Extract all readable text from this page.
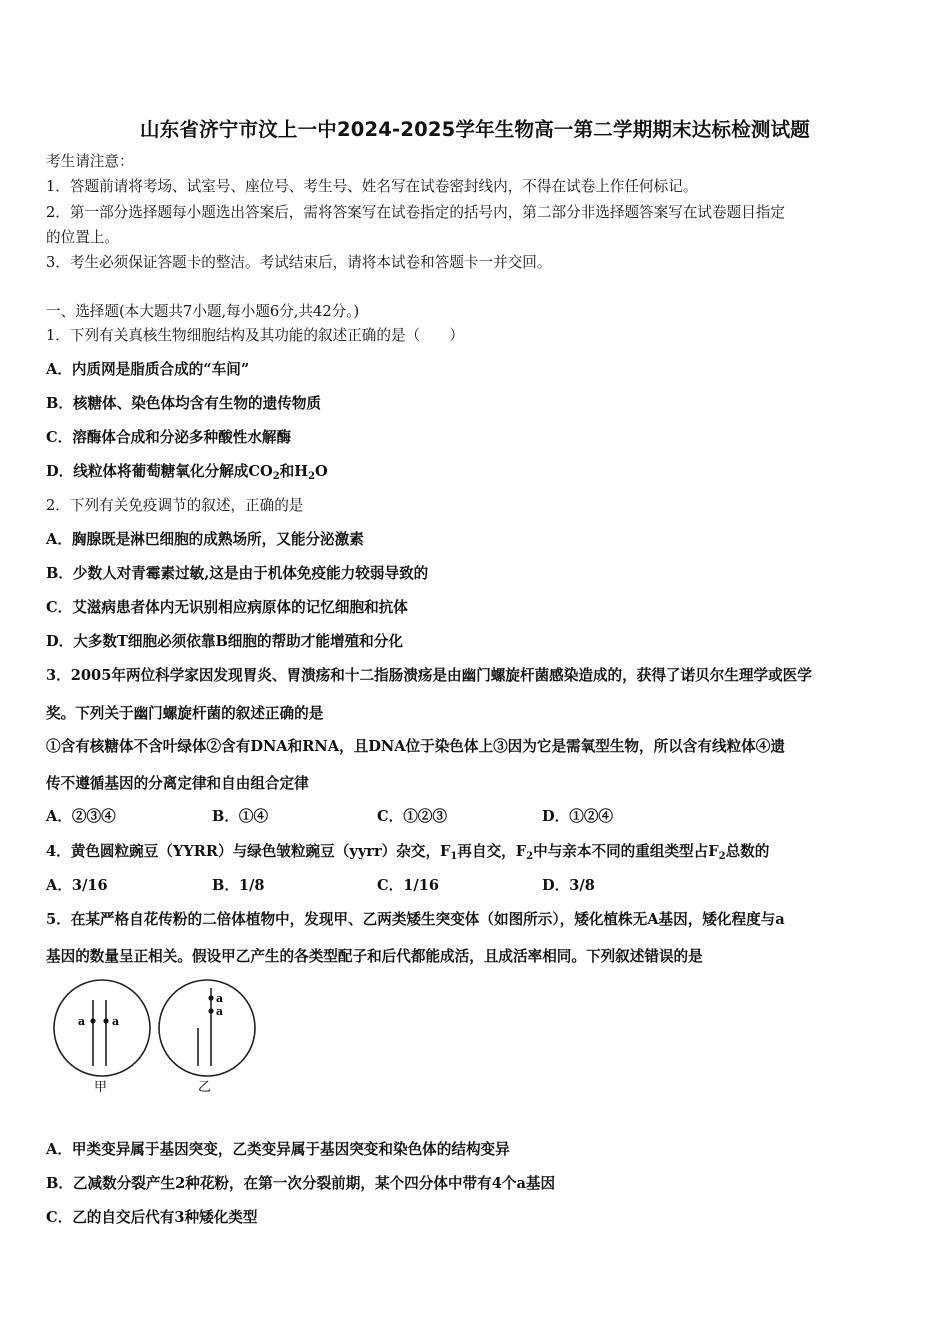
山东省济宁市汶上一中2024-2025学年生物高一第二学期期末达标检测试题
考生请注意：
1．答题前请将考场、试室号、座位号、考生号、姓名写在试卷密封线内，不得在试卷上作任何标记。
2．第一部分选择题每小题选出答案后，需将答案写在试卷指定的括号内，第二部分非选择题答案写在试卷题目指定
的位置上。
3．考生必须保证答题卡的整洁。考试结束后，请将本试卷和答题卡一并交回。
一、选择题(本大题共7小题,每小题6分,共42分。)
1．下列有关真核生物细胞结构及其功能的叙述正确的是（　　）
A．内质网是脂质合成的“车间”
B．核糖体、染色体均含有生物的遗传物质
C．溶酶体合成和分泌多种酸性水解酶
D．线粒体将葡萄糖氧化分解成$CO_2$和$H_2O$
2．下列有关免疫调节的叙述，正确的是
A．胸腺既是淋巴细胞的成熟场所，又能分泌激素
B．少数人对青霉素过敏,这是由于机体免疫能力较弱导致的
C．艾滋病患者体内无识别相应病原体的记忆细胞和抗体
D．大多数T细胞必须依靠B细胞的帮助才能增殖和分化
3．2005年两位科学家因发现胃炎、胃溃疡和十二指肠溃疡是由幽门螺旋杆菌感染造成的，获得了诺贝尔生理学或医学
奖。下列关于幽门螺旋杆菌的叙述正确的是
①含有核糖体不含叶绿体②含有DNA和RNA，且DNA位于染色体上③因为它是需氧型生物，所以含有线粒体④遗
传不遵循基因的分离定律和自由组合定律
A．②③④	B．①④	C．①②③	D．①②④
4．黄色圆粒豌豆（YYRR）与绿色皱粒豌豆（yyrr）杂交，$F_1$再自交，$F_2$中与亲本不同的重组类型占$F_2$总数的
A．3/16	B．1/8	C．1/16	D．3/8
5．在某严格自花传粉的二倍体植物中，发现甲、乙两类矮生突变体（如图所示），矮化植株无A基因，矮化程度与a
基因的数量呈正相关。假设甲乙产生的各类型配子和后代都能成活，且成活率相同。下列叙述错误的是
a a
a
a
甲	乙
A．甲类变异属于基因突变，乙类变异属于基因突变和染色体的结构变异
B．乙减数分裂产生2种花粉，在第一次分裂前期，某个四分体中带有4个a基因
C．乙的自交后代有3种矮化类型
